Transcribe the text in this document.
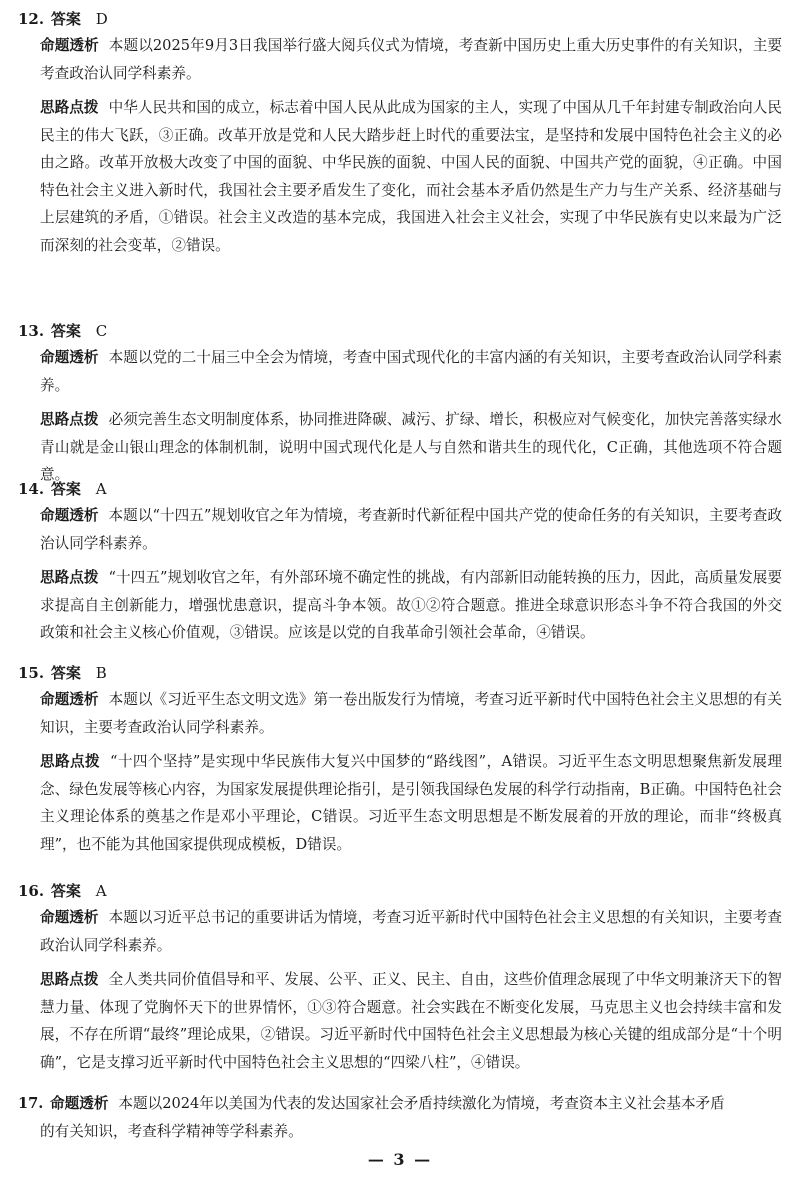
12. 答案 D
命题透析 本题以2025年9月3日我国举行盛大阅兵仪式为情境，考查新中国历史上重大历史事件的有关知识，主要考查政治认同学科素养。
思路点拨 中华人民共和国的成立，标志着中国人民从此成为国家的主人，实现了中国从几千年封建专制政治向人民民主的伟大飞跃，③正确。改革开放是党和人民大踏步赶上时代的重要法宝，是坚持和发展中国特色社会主义的必由之路。改革开放极大改变了中国的面貌、中华民族的面貌、中国人民的面貌、中国共产党的面貌，④正确。中国特色社会主义进入新时代，我国社会主要矛盾发生了变化，而社会基本矛盾仍然是生产力与生产关系、经济基础与上层建筑的矛盾，①错误。社会主义改造的基本完成，我国进入社会主义社会，实现了中华民族有史以来最为广泛而深刻的社会变革，②错误。
13. 答案 C
命题透析 本题以党的二十届三中全会为情境，考查中国式现代化的丰富内涵的有关知识，主要考查政治认同学科素养。
思路点拨 必须完善生态文明制度体系，协同推进降碳、减污、扩绿、增长，积极应对气候变化，加快完善落实绿水青山就是金山银山理念的体制机制，说明中国式现代化是人与自然和谐共生的现代化，C正确，其他选项不符合题意。
14. 答案 A
命题透析 本题以“十四五”规划收官之年为情境，考查新时代新征程中国共产党的使命任务的有关知识，主要考查政治认同学科素养。
思路点拨 “十四五”规划收官之年，有外部环境不确定性的挑战，有内部新旧动能转换的压力，因此，高质量发展要求提高自主创新能力，增强忧患意识，提高斗争本领。故①②符合题意。推进全球意识形态斗争不符合我国的外交政策和社会主义核心价值观，③错误。应该是以党的自我革命引领社会革命，④错误。
15. 答案 B
命题透析 本题以《习近平生态文明文选》第一卷出版发行为情境，考查习近平新时代中国特色社会主义思想的有关知识，主要考查政治认同学科素养。
思路点拨 “十四个坚持”是实现中华民族伟大复兴中国梦的“路线图”，A错误。习近平生态文明思想聚焦新发展理念、绿色发展等核心内容，为国家发展提供理论指引，是引领我国绿色发展的科学行动指南，B正确。中国特色社会主义理论体系的奠基之作是邓小平理论，C错误。习近平生态文明思想是不断发展着的开放的理论，而非“终极真理”，也不能为其他国家提供现成模板，D错误。
16. 答案 A
命题透析 本题以习近平总书记的重要讲话为情境，考查习近平新时代中国特色社会主义思想的有关知识，主要考查政治认同学科素养。
思路点拨 全人类共同价值倡导和平、发展、公平、正义、民主、自由，这些价值理念展现了中华文明兼济天下的智慧力量、体现了党胸怀天下的世界情怀，①③符合题意。社会实践在不断变化发展，马克思主义也会持续丰富和发展，不存在所谓“最终”理论成果，②错误。习近平新时代中国特色社会主义思想最为核心关键的组成部分是“十个明确”，它是支撑习近平新时代中国特色社会主义思想的“四梁八柱”，④错误。
17. 命题透析 本题以2024年以美国为代表的发达国家社会矛盾持续激化为情境，考查资本主义社会基本矛盾
的有关知识，考查科学精神等学科素养。
— 3 —
